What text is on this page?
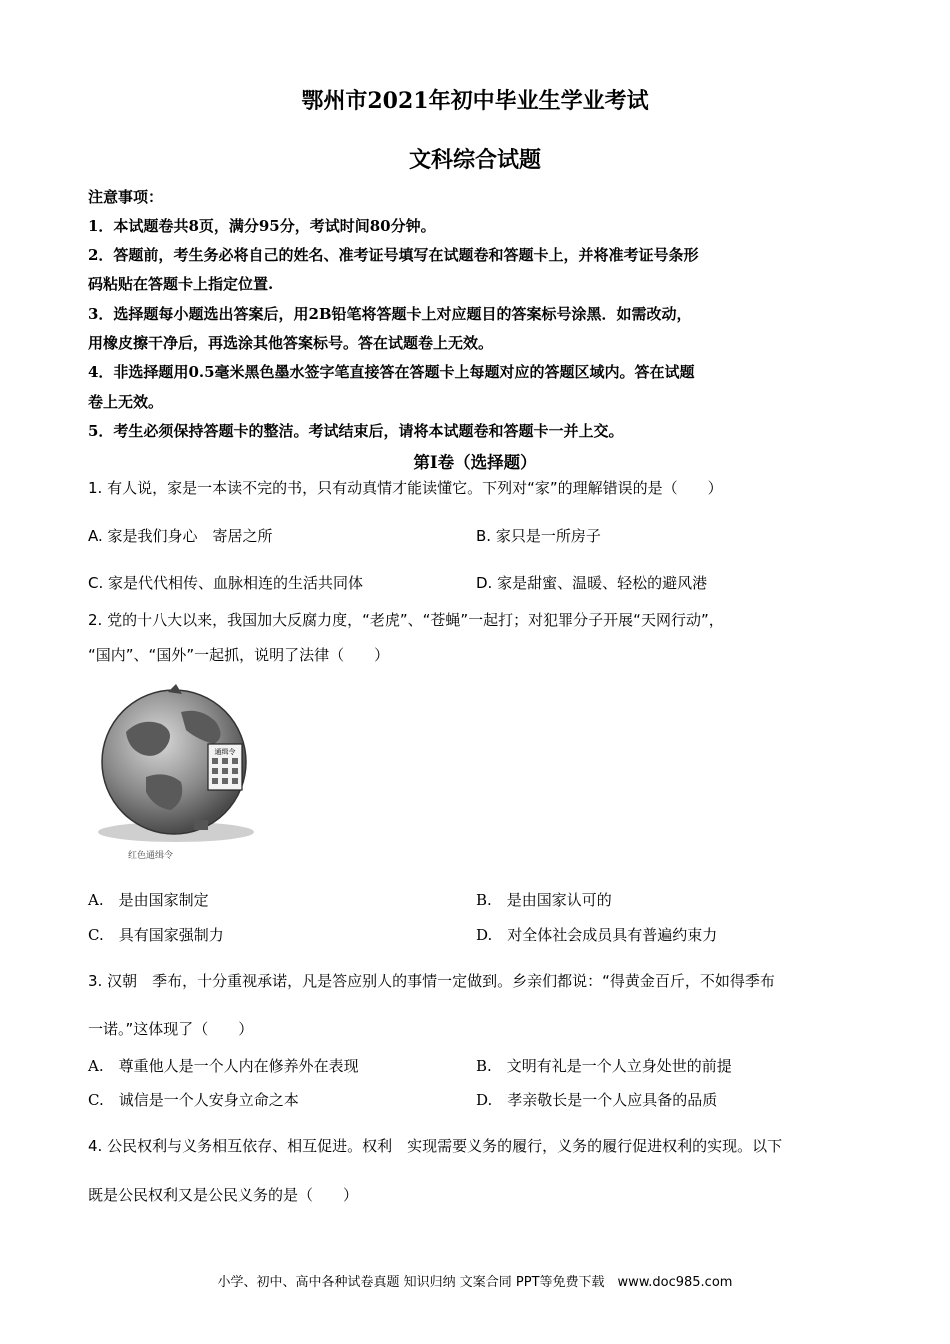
鄂州市2021年初中毕业生学业考试
文科综合试题
注意事项：
1．本试题卷共8页，满分95分，考试时间80分钟。
2．答题前，考生务必将自己的姓名、准考证号填写在试题卷和答题卡上，并将准考证号条形
码粘贴在答题卡上指定位置.
3．选择题每小题选出答案后，用2B铅笔将答题卡上对应题目的答案标号涂黑．如需改动，
用橡皮擦干净后，再选涂其他答案标号。答在试题卷上无效。
4．非选择题用0.5毫米黑色墨水签字笔直接答在答题卡上每题对应的答题区域内。答在试题
卷上无效。
5．考生必须保持答题卡的整洁。考试结束后，请将本试题卷和答题卡一并上交。
第Ⅰ卷（选择题）
1. 有人说，家是一本读不完的书，只有动真情才能读懂它。下列对“家”的理解错误的是（　　）
A. 家是我们身心　寄居之所	B. 家只是一所房子
C. 家是代代相传、血脉相连的生活共同体	D. 家是甜蜜、温暖、轻松的避风港
2. 党的十八大以来，我国加大反腐力度，“老虎”、“苍蝇”一起打；对犯罪分子开展“天网行动”，
“国内”、“国外”一起抓，说明了法律（　　）
通缉令
红色通缉令
A.　是由国家制定	B.　是由国家认可的
C.　具有国家强制力	D.　对全体社会成员具有普遍约束力
3. 汉朝　季布，十分重视承诺，凡是答应别人的事情一定做到。乡亲们都说：“得黄金百斤，不如得季布
一诺。”这体现了（　　）
A.　尊重他人是一个人内在修养外在表现	B.　文明有礼是一个人立身处世的前提
C.　诚信是一个人安身立命之本	D.　孝亲敬长是一个人应具备的品质
4. 公民权利与义务相互依存、相互促进。权利　实现需要义务的履行，义务的履行促进权利的实现。以下
既是公民权利又是公民义务的是（　　）
小学、初中、高中各种试卷真题 知识归纳 文案合同 PPT等免费下载　www.doc985.com
